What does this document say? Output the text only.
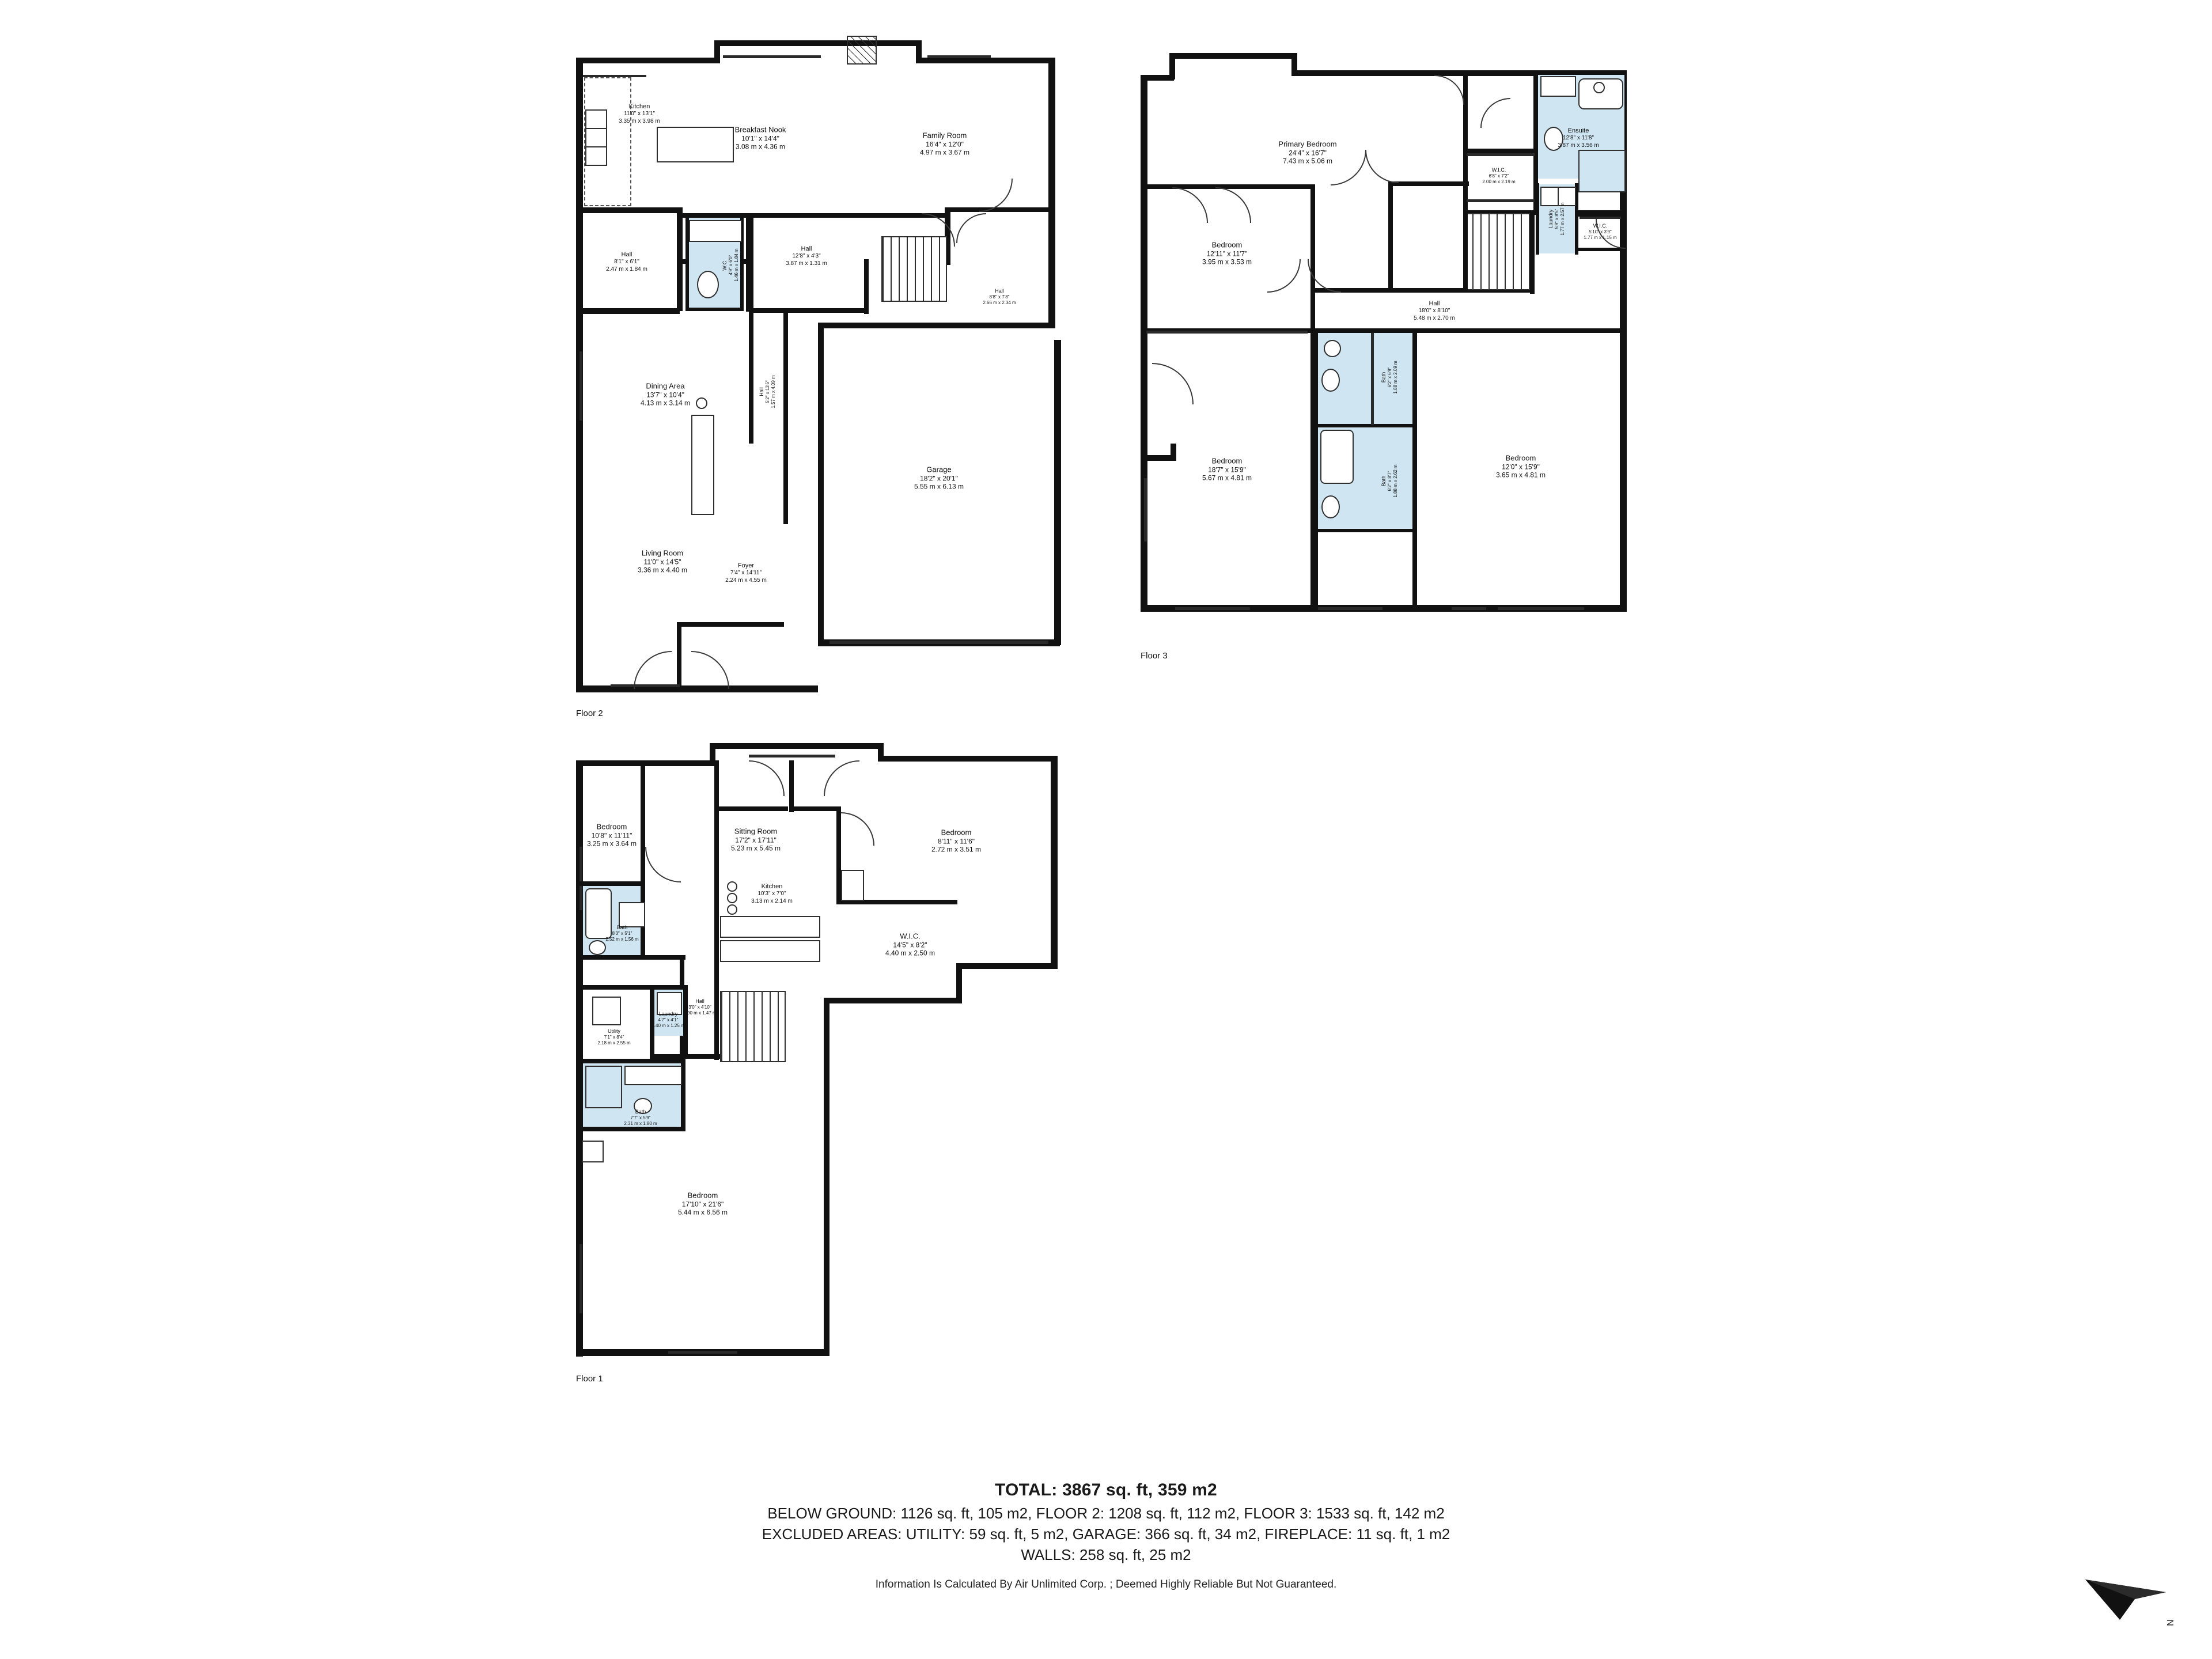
Kitchen
11'0" x 13'1"
3.35 m x 3.98 m
Breakfast Nook
10'1" x 14'4"
3.08 m x 4.36 m
Family Room
16'4" x 12'0"
4.97 m x 3.67 m
Hall
8'1" x 6'1"
2.47 m x 1.84 m	W.C. 4'9" x 6'0" 1.46 m x 1.84 m	Hall
12'8" x 4'3"
3.87 m x 1.31 m
Hall
8'8" x 7'8"
2.66 m x 2.34 m
Hall 5'2" x 13'5" 1.57 m x 4.09 m
Dining Area
13'7" x 10'4"
4.13 m x 3.14 m
Garage
18'2" x 20'1"
5.55 m x 6.13 m
Living Room
11'0" x 14'5"
3.36 m x 4.40 m
Foyer
7'4" x 14'11"
2.24 m x 4.55 m
Floor 2
Primary Bedroom
24'4" x 16'7"
7.43 m x 5.06 m
Ensuite
12'8" x 11'8"
3.87 m x 3.56 m
W.I.C.
6'8" x 7'2"
2.00 m x 2.19 m
Laundry 5'9" x 8'5" 1.77 m x 2.57 m
Bedroom
12'11" x 11'7"
3.95 m x 3.53 m
Hall
18'0" x 8'10"
5.48 m x 2.70 m
W.I.C.
5'10" x 3'9"
1.77 m x 1.15 m
Bedroom
18'7" x 15'9"
5.67 m x 4.81 m
Bath 6'2" x 6'9" 1.88 m x 2.09 m
Bath 6'2" x 8'7" 1.88 m x 2.62 m
Bedroom
12'0" x 15'9"
3.65 m x 4.81 m
Floor 3
Bedroom
10'8" x 11'11"
3.25 m x 3.64 m
Sitting Room
17'2" x 17'11"
5.23 m x 5.45 m
Bedroom
8'11" x 11'6"
2.72 m x 3.51 m
Bath
8'3" x 5'1"
2.52 m x 1.56 m
Kitchen
10'3" x 7'0"
3.13 m x 2.14 m
W.I.C.
14'5" x 8'2"
4.40 m x 2.50 m
Hall
3'0" x 4'10"
0.90 m x 1.47 m
Laundry
4'7" x 4'1"
1.40 m x 1.25 m
Utility
7'1" x 8'4"
2.18 m x 2.55 m
Bath
7'7" x 5'9"
2.31 m x 1.80 m
Bedroom
17'10" x 21'6"
5.44 m x 6.56 m
Floor 1
TOTAL: 3867 sq. ft, 359 m2
BELOW GROUND: 1126 sq. ft, 105 m2, FLOOR 2: 1208 sq. ft, 112 m2, FLOOR 3: 1533 sq. ft, 142 m2
EXCLUDED AREAS: UTILITY: 59 sq. ft, 5 m2, GARAGE: 366 sq. ft, 34 m2, FIREPLACE: 11 sq. ft, 1 m2
WALLS: 258 sq. ft, 25 m2
Information Is Calculated By Air Unlimited Corp. ; Deemed Highly Reliable But Not Guaranteed.
N
